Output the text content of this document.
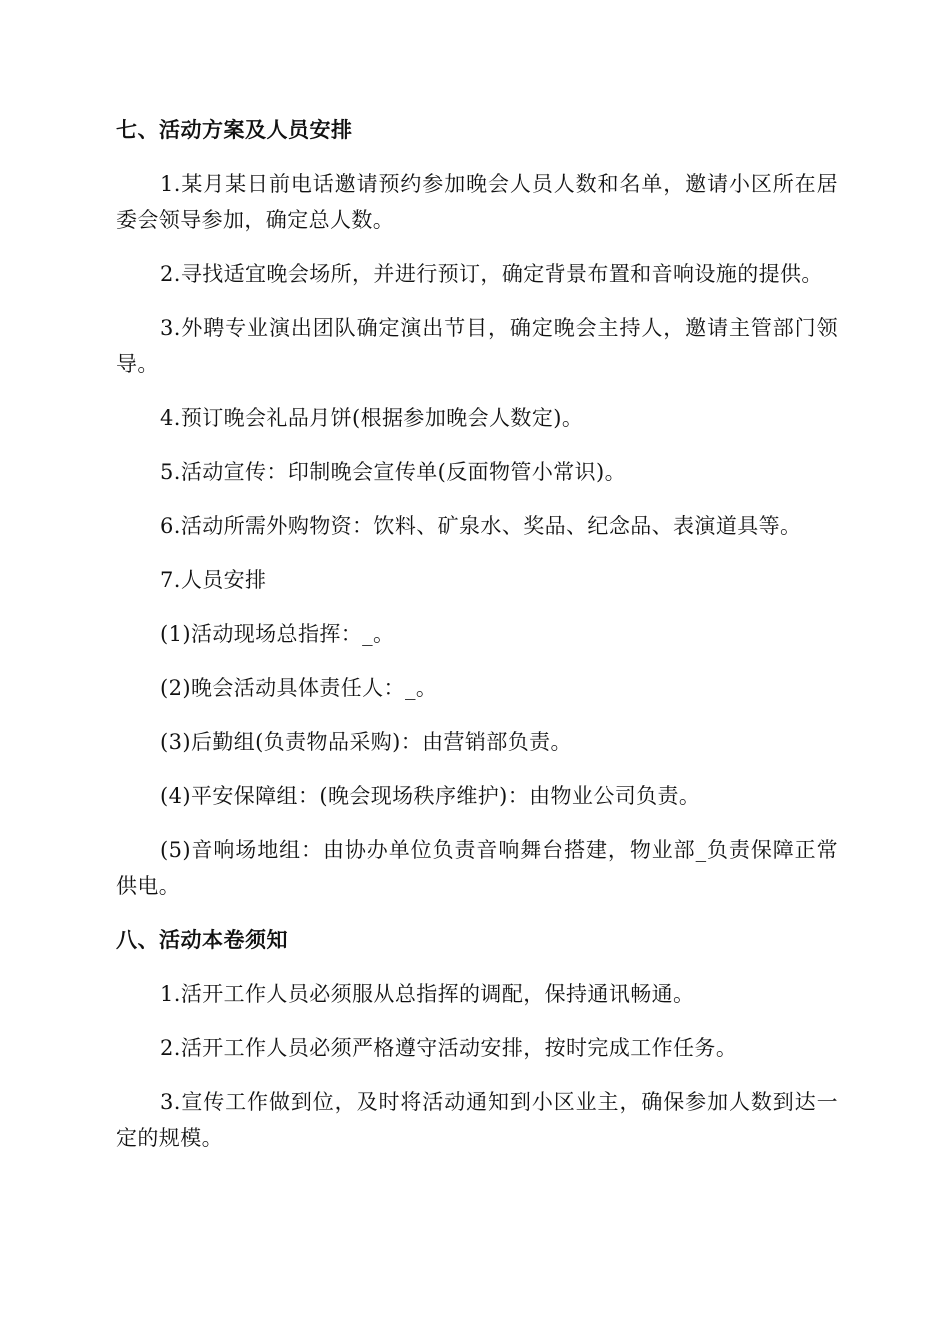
七、活动方案及人员安排

1.某月某日前电话邀请预约参加晚会人员人数和名单，邀请小区所在居委会领导参加，确定总人数。

2.寻找适宜晚会场所，并进行预订，确定背景布置和音响设施的提供。

3.外聘专业演出团队确定演出节目，确定晚会主持人，邀请主管部门领导。

4.预订晚会礼品月饼(根据参加晚会人数定)。

5.活动宣传：印制晚会宣传单(反面物管小常识)。

6.活动所需外购物资：饮料、矿泉水、奖品、纪念品、表演道具等。

7.人员安排

(1)活动现场总指挥：_。

(2)晚会活动具体责任人：_。

(3)后勤组(负责物品采购)：由营销部负责。

(4)平安保障组：(晚会现场秩序维护)：由物业公司负责。

(5)音响场地组：由协办单位负责音响舞台搭建，物业部_负责保障正常供电。

八、活动本卷须知

1.活开工作人员必须服从总指挥的调配，保持通讯畅通。

2.活开工作人员必须严格遵守活动安排，按时完成工作任务。

3.宣传工作做到位，及时将活动通知到小区业主，确保参加人数到达一定的规模。
